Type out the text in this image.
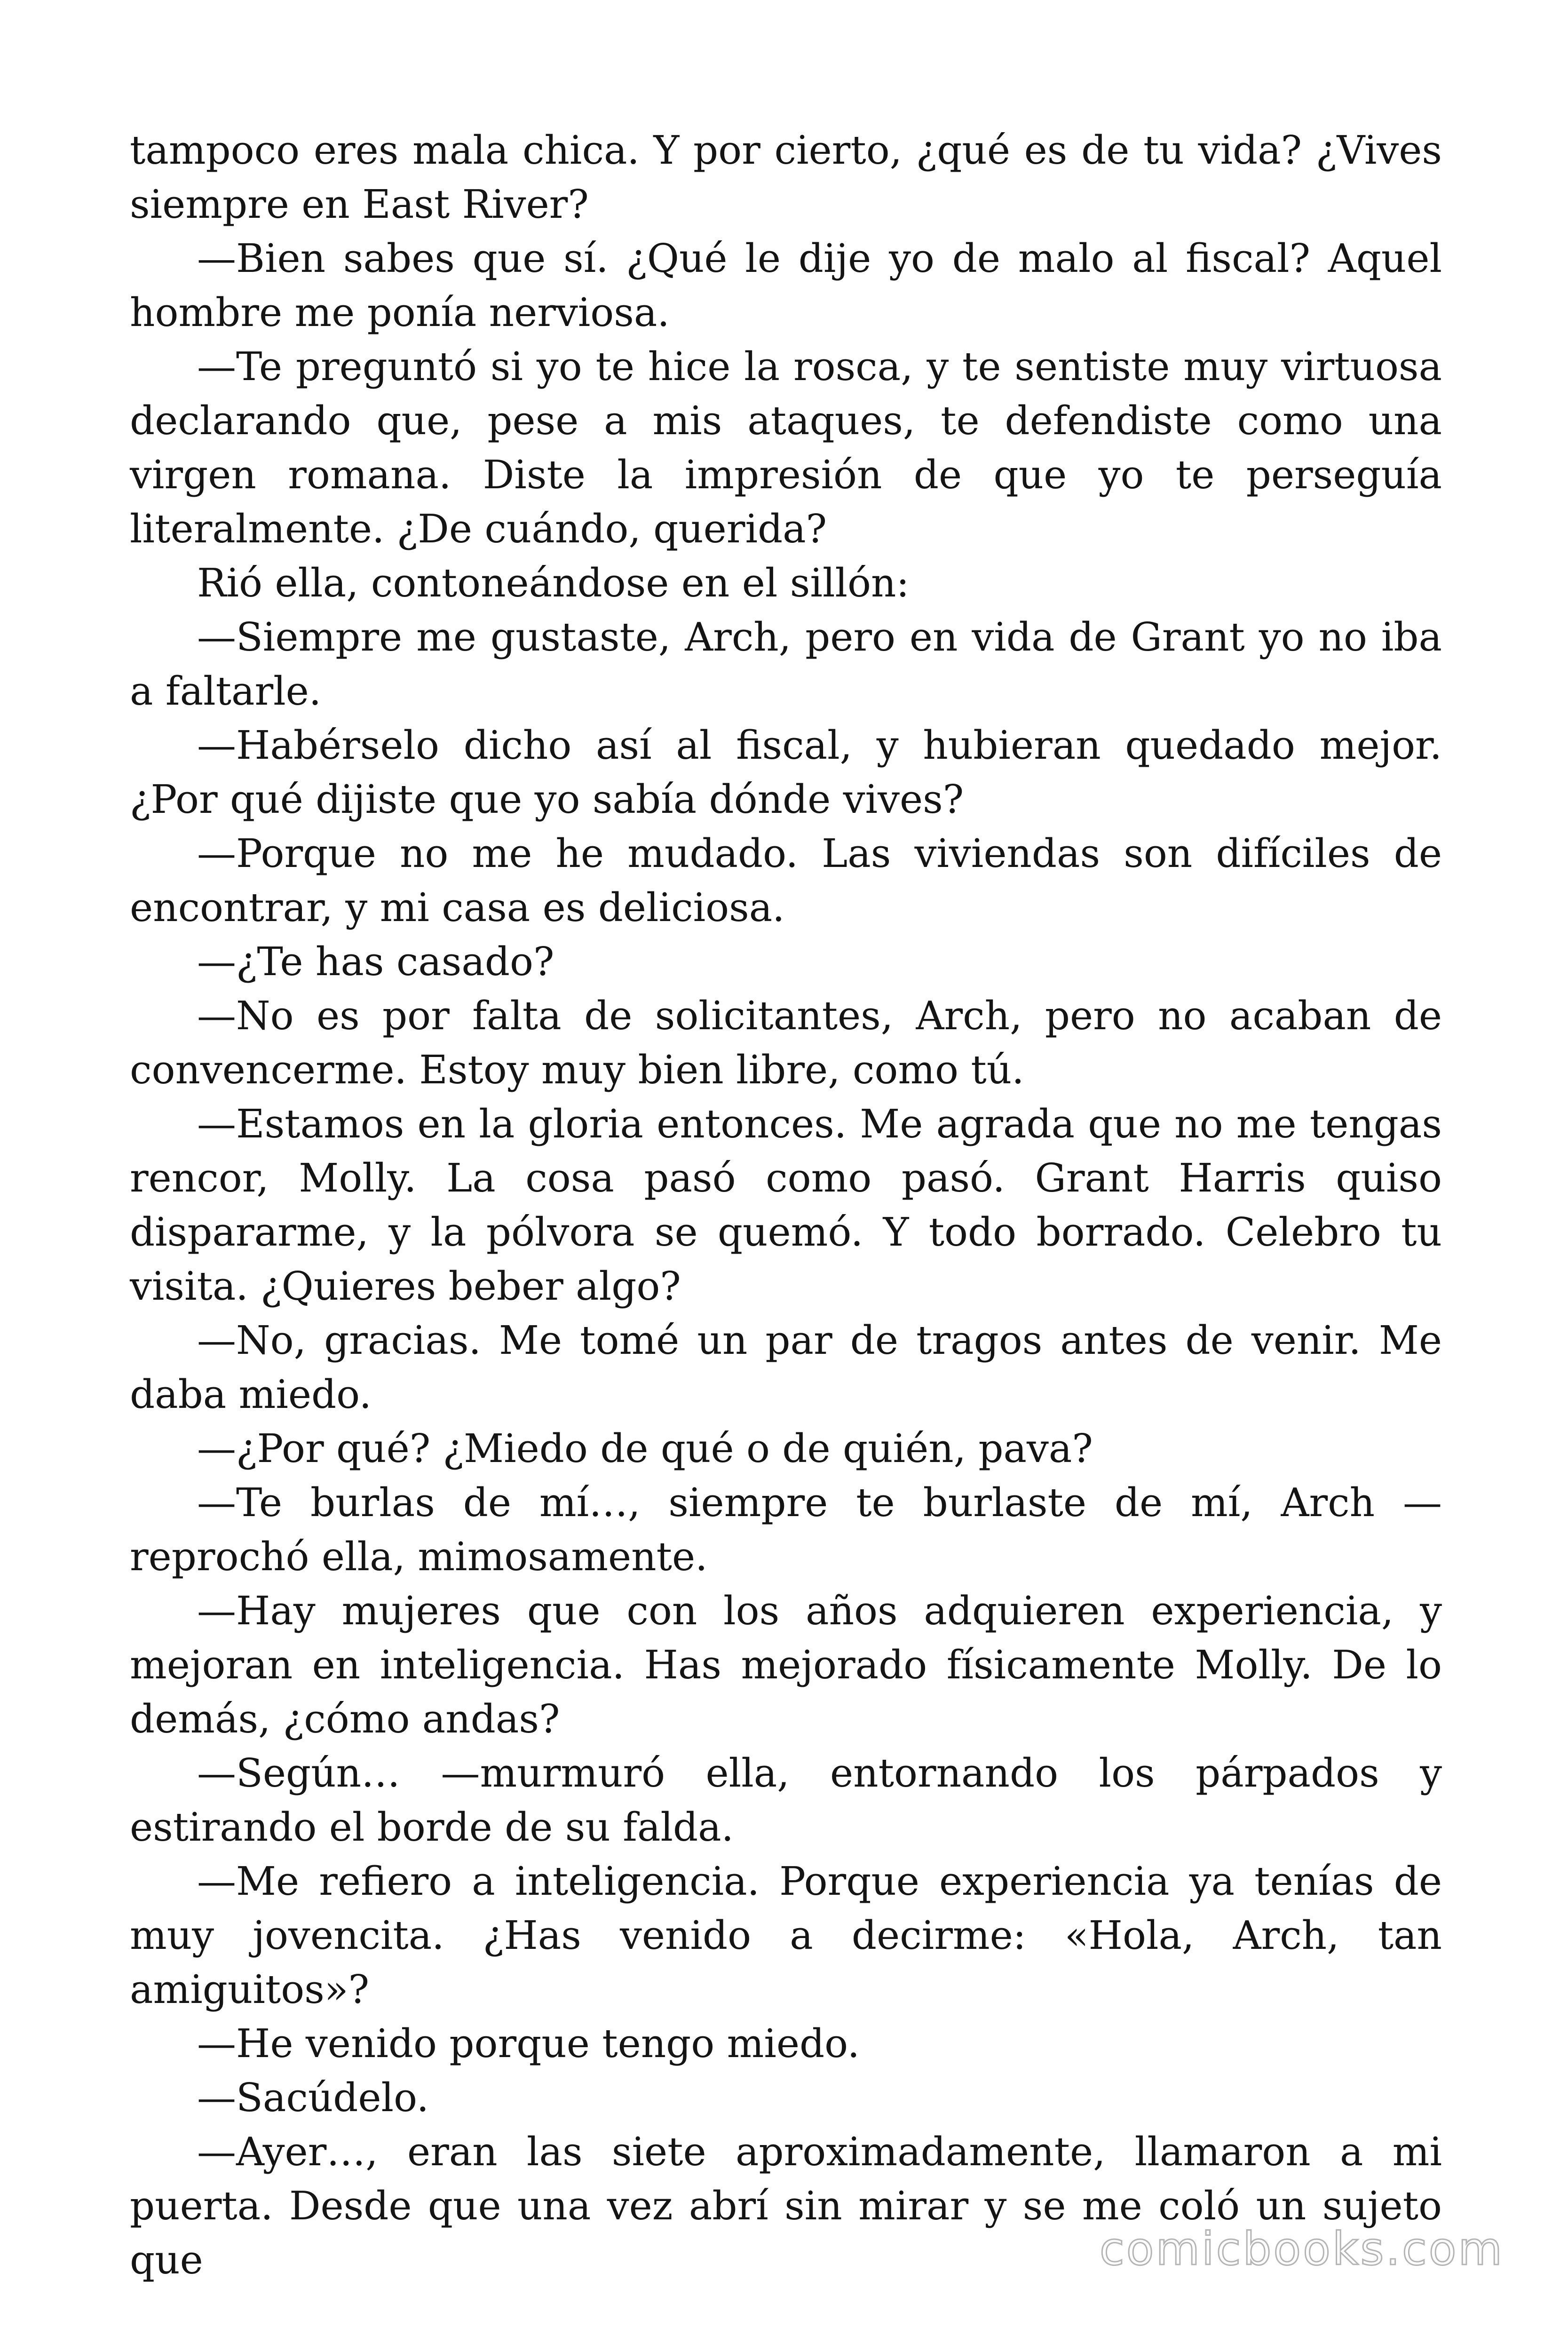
tampoco eres mala chica. Y por cierto, ¿qué es de tu vida? ¿Vives siempre en East River?

—Bien sabes que sí. ¿Qué le dije yo de malo al fiscal? Aquel hombre me ponía nerviosa.

—Te preguntó si yo te hice la rosca, y te sentiste muy virtuosa declarando que, pese a mis ataques, te defendiste como una virgen romana. Diste la impresión de que yo te perseguía literalmente. ¿De cuándo, querida?

Rió ella, contoneándose en el sillón:

—Siempre me gustaste, Arch, pero en vida de Grant yo no iba a faltarle.

—Habérselo dicho así al fiscal, y hubieran quedado mejor. ¿Por qué dijiste que yo sabía dónde vives?

—Porque no me he mudado. Las viviendas son difíciles de encontrar, y mi casa es deliciosa.

—¿Te has casado?

—No es por falta de solicitantes, Arch, pero no acaban de convencerme. Estoy muy bien libre, como tú.

—Estamos en la gloria entonces. Me agrada que no me tengas rencor, Molly. La cosa pasó como pasó. Grant Harris quiso dispararme, y la pólvora se quemó. Y todo borrado. Celebro tu visita. ¿Quieres beber algo?

—No, gracias. Me tomé un par de tragos antes de venir. Me daba miedo.

—¿Por qué? ¿Miedo de qué o de quién, pava?

—Te burlas de mí…, siempre te burlaste de mí, Arch —reprochó ella, mimosamente.

—Hay mujeres que con los años adquieren experiencia, y mejoran en inteligencia. Has mejorado físicamente Molly. De lo demás, ¿cómo andas?

—Según… —murmuró ella, entornando los párpados y estirando el borde de su falda.

—Me refiero a inteligencia. Porque experiencia ya tenías de muy jovencita. ¿Has venido a decirme: «Hola, Arch, tan amiguitos»?

—He venido porque tengo miedo.

—Sacúdelo.

—Ayer…, eran las siete aproximadamente, llamaron a mi puerta. Desde que una vez abrí sin mirar y se me coló un sujeto que	comicbooks.com
